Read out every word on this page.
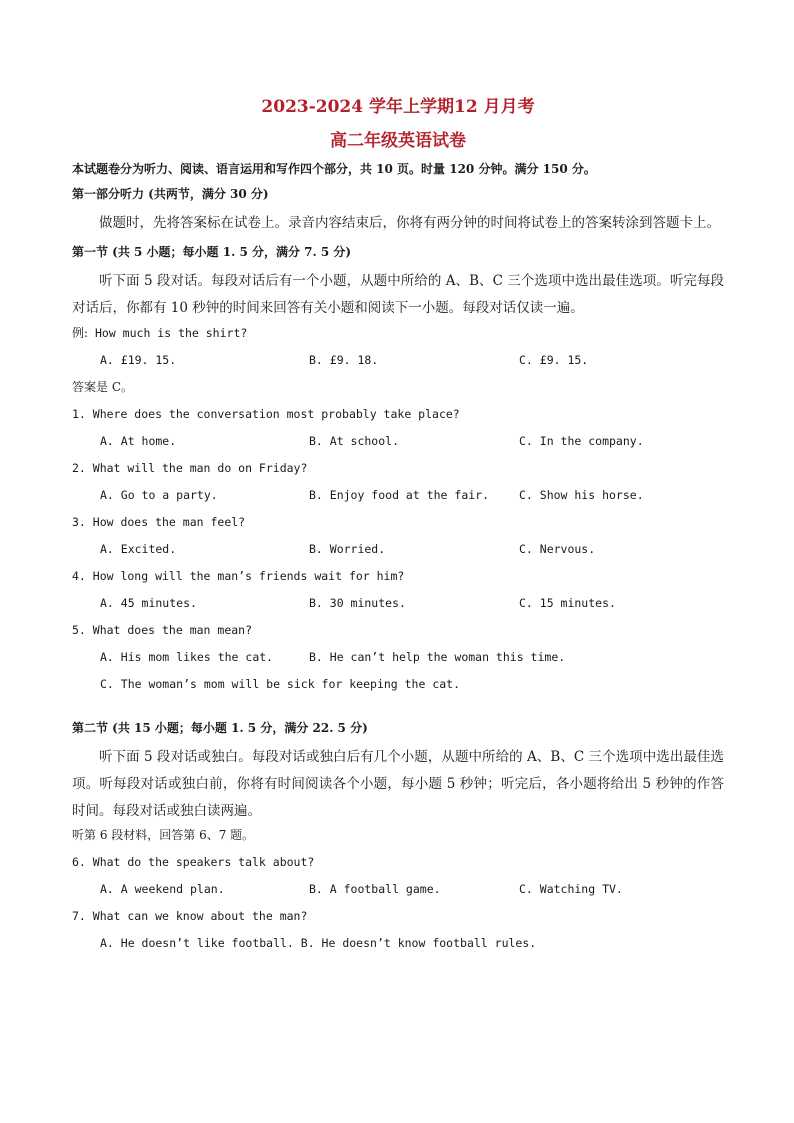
2023-2024 学年上学期12 月月考
高二年级英语试卷
本试题卷分为听力、阅读、语言运用和写作四个部分，共 10 页。时量 120 分钟。满分 150 分。
第一部分听力 (共两节，满分 30 分)
做题时，先将答案标在试卷上。录音内容结束后，你将有两分钟的时间将试卷上的答案转涂到答题卡上。
第一节 (共 5 小题；每小题 1. 5 分，满分 7. 5 分)
听下面 5 段对话。每段对话后有一个小题，从题中所给的 A、B、C 三个选项中选出最佳选项。听完每段对话后，你都有 10 秒钟的时间来回答有关小题和阅读下一小题。每段对话仅读一遍。
例: How much is the shirt?
A. £19. 15.	B. £9. 18.	C. £9. 15.
答案是 C。
1. Where does the conversation most probably take place?
A. At home.	B. At school.	C. In the company.
2. What will the man do on Friday?
A. Go to a party.	B. Enjoy food at the fair.	C. Show his horse.
3. How does the man feel?
A. Excited.	B. Worried.	C. Nervous.
4. How long will the man’s friends wait for him?
A. 45 minutes.	B. 30 minutes.	C. 15 minutes.
5. What does the man mean?
A. His mom likes the cat.	B. He can’t help the woman this time.
C. The woman’s mom will be sick for keeping the cat.
第二节 (共 15 小题；每小题 1. 5 分，满分 22. 5 分)
听下面 5 段对话或独白。每段对话或独白后有几个小题，从题中所给的 A、B、C 三个选项中选出最佳选项。听每段对话或独白前，你将有时间阅读各个小题，每小题 5 秒钟；听完后，各小题将给出 5 秒钟的作答时间。每段对话或独白读两遍。
听第 6 段材料，回答第 6、7 题。
6. What do the speakers talk about?
A. A weekend plan.	B. A football game.	C. Watching TV.
7. What can we know about the man?
A. He doesn’t like football. B. He doesn’t know football rules.
